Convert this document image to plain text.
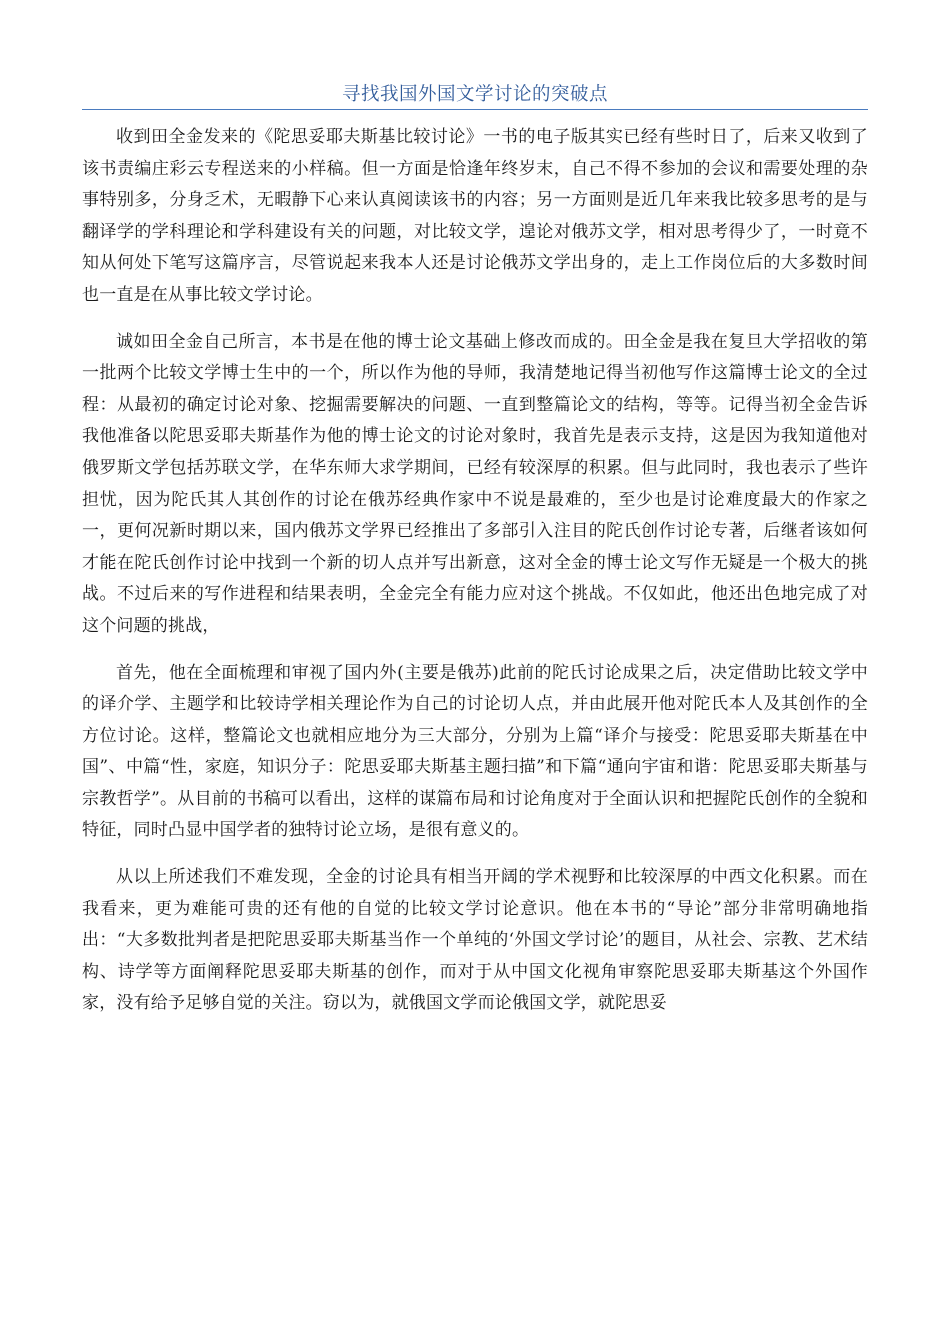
寻找我国外国文学讨论的突破点

收到田全金发来的《陀思妥耶夫斯基比较讨论》一书的电子版其实已经有些时日了，后来又收到了该书责编庄彩云专程送来的小样稿。但一方面是恰逢年终岁末，自己不得不参加的会议和需要处理的杂事特别多，分身乏术，无暇静下心来认真阅读该书的内容；另一方面则是近几年来我比较多思考的是与翻译学的学科理论和学科建设有关的问题，对比较文学，遑论对俄苏文学，相对思考得少了，一时竟不知从何处下笔写这篇序言，尽管说起来我本人还是讨论俄苏文学出身的，走上工作岗位后的大多数时间也一直是在从事比较文学讨论。

诚如田全金自己所言，本书是在他的博士论文基础上修改而成的。田全金是我在复旦大学招收的第一批两个比较文学博士生中的一个，所以作为他的导师，我清楚地记得当初他写作这篇博士论文的全过程：从最初的确定讨论对象、挖掘需要解决的问题、一直到整篇论文的结构，等等。记得当初全金告诉我他准备以陀思妥耶夫斯基作为他的博士论文的讨论对象时，我首先是表示支持，这是因为我知道他对俄罗斯文学包括苏联文学，在华东师大求学期间，已经有较深厚的积累。但与此同时，我也表示了些许担忧，因为陀氏其人其创作的讨论在俄苏经典作家中不说是最难的，至少也是讨论难度最大的作家之一，更何况新时期以来，国内俄苏文学界已经推出了多部引入注目的陀氏创作讨论专著，后继者该如何才能在陀氏创作讨论中找到一个新的切人点并写出新意，这对全金的博士论文写作无疑是一个极大的挑战。不过后来的写作进程和结果表明，全金完全有能力应对这个挑战。不仅如此，他还出色地完成了对这个问题的挑战，

首先，他在全面梳理和审视了国内外(主要是俄苏)此前的陀氏讨论成果之后，决定借助比较文学中的译介学、主题学和比较诗学相关理论作为自己的讨论切人点，并由此展开他对陀氏本人及其创作的全方位讨论。这样，整篇论文也就相应地分为三大部分，分别为上篇“译介与接受：陀思妥耶夫斯基在中国”、中篇“性，家庭，知识分子：陀思妥耶夫斯基主题扫描”和下篇“通向宇宙和谐：陀思妥耶夫斯基与宗教哲学”。从目前的书稿可以看出，这样的谋篇布局和讨论角度对于全面认识和把握陀氏创作的全貌和特征，同时凸显中国学者的独特讨论立场，是很有意义的。

从以上所述我们不难发现，全金的讨论具有相当开阔的学术视野和比较深厚的中西文化积累。而在我看来，更为难能可贵的还有他的自觉的比较文学讨论意识。他在本书的“导论”部分非常明确地指出：“大多数批判者是把陀思妥耶夫斯基当作一个单纯的‘外国文学讨论’的题目，从社会、宗教、艺术结构、诗学等方面阐释陀思妥耶夫斯基的创作，而对于从中国文化视角审察陀思妥耶夫斯基这个外国作家，没有给予足够自觉的关注。窃以为，就俄国文学而论俄国文学，就陀思妥
